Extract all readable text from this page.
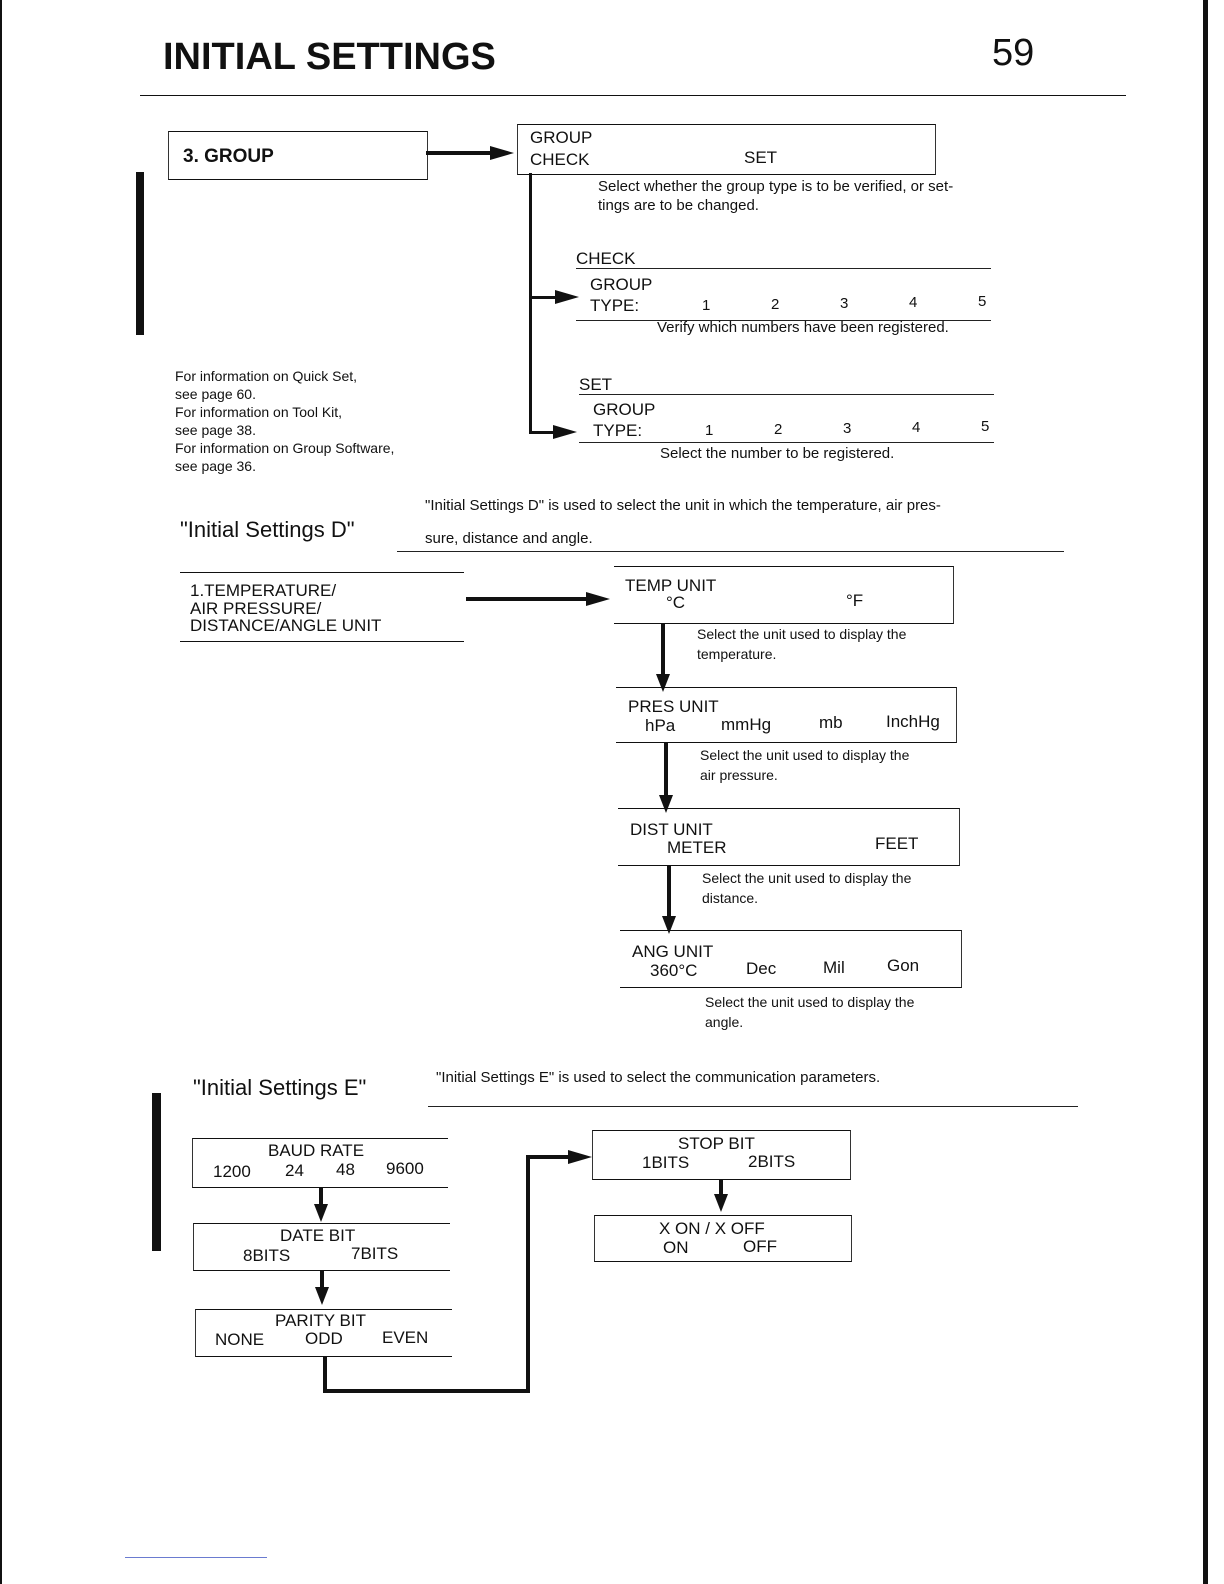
INITIAL SETTINGS	59
3. GROUP
GROUP
CHECK	SET
Select whether the group type is to be verified, or set-
tings are to be changed.
CHECK
GROUP
TYPE:	1	2	3	4	5
Verify which numbers have been registered.
SET
GROUP
TYPE:	1	2	3	4	5
Select the number to be registered.
For information on Quick Set,
see page 60.
For information on Tool Kit,
see page 38.
For information on Group Software,
see page 36.
"Initial Settings D"
"Initial Settings D" is used to select the unit in which the temperature, air pres-
sure, distance and angle.
1.TEMPERATURE/
AIR PRESSURE/
DISTANCE/ANGLE UNIT
TEMP UNIT
°C	°F
Select the unit used to display the
temperature.
PRES UNIT
hPa	mmHg	mb	InchHg
Select the unit used to display the
air pressure.
DIST UNIT
METER	FEET
Select the unit used to display the
distance.
ANG UNIT
360°C	Dec	Mil Gon
Select the unit used to display the
angle.
"Initial Settings E"	"Initial Settings E" is used to select the communication parameters.
BAUD RATE
1200 24 48 9600
DATE BIT
8BITS	7BITS
PARITY BIT
NONE ODD EVEN
STOP BIT
1BITS	2BITS
X ON / X OFF
ON	OFF
